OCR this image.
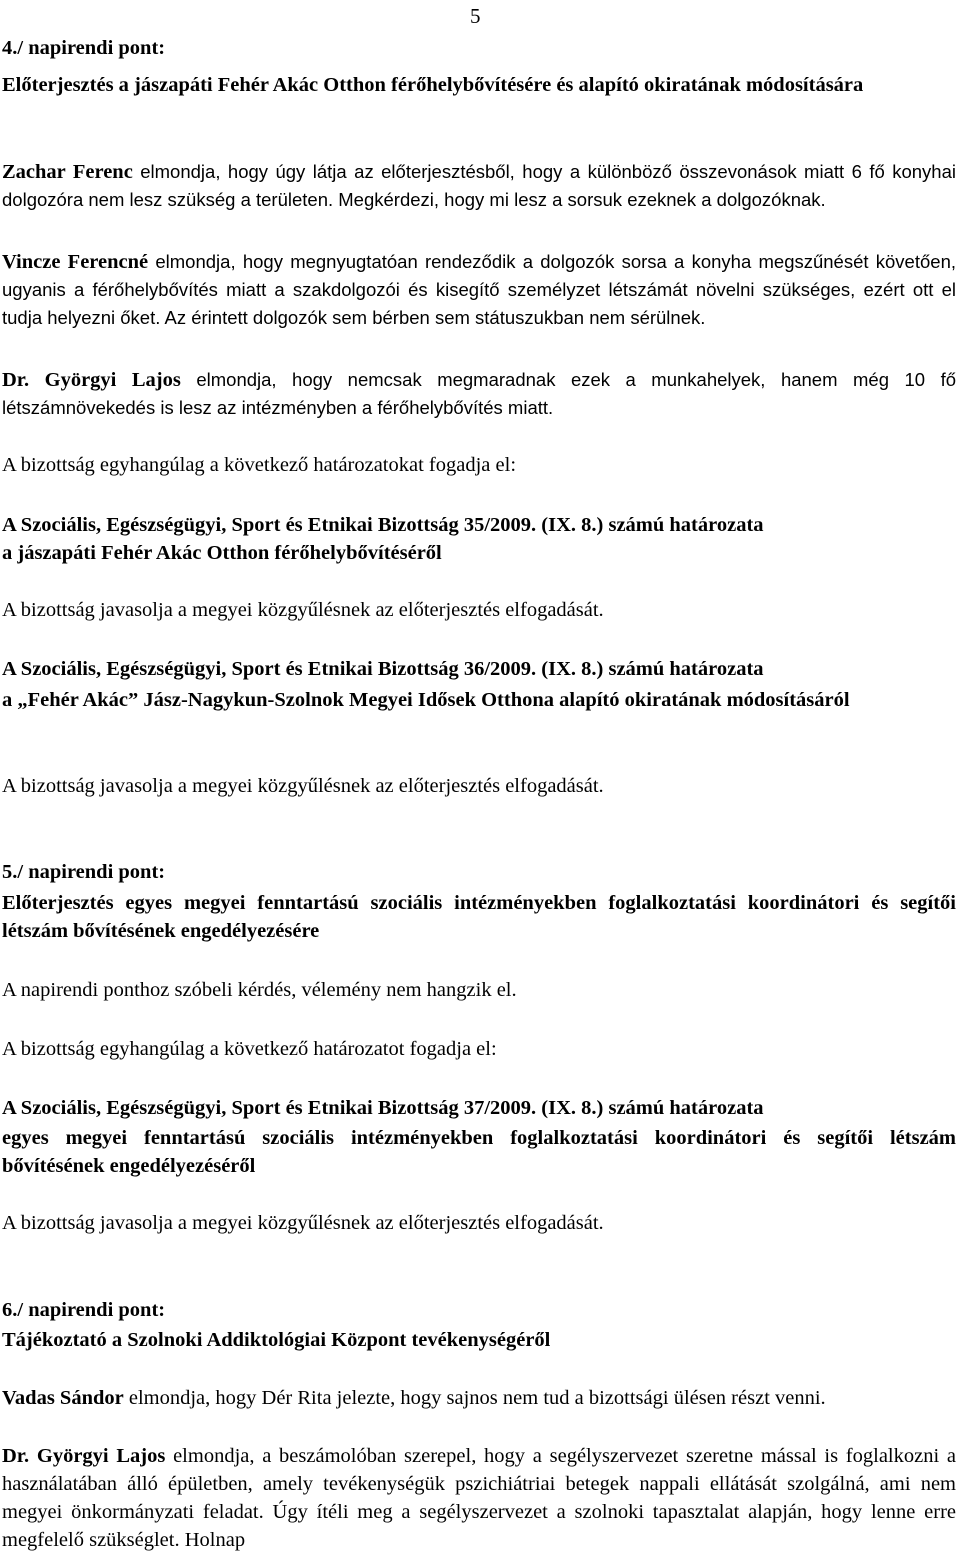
5
4./ napirendi pont:
Előterjesztés a jászapáti Fehér Akác Otthon férőhelybővítésére és alapító okiratának módosítására

Zachar Ferenc elmondja, hogy úgy látja az előterjesztésből, hogy a különböző összevonások miatt 6 fő konyhai dolgozóra nem lesz szükség a területen. Megkérdezi, hogy mi lesz a sorsuk ezeknek a dolgozóknak.

Vincze Ferencné elmondja, hogy megnyugtatóan rendeződik a dolgozók sorsa a konyha megszűnését követően, ugyanis a férőhelybővítés miatt a szakdolgozói és kisegítő személyzet létszámát növelni szükséges, ezért ott el tudja helyezni őket. Az érintett dolgozók sem bérben sem státuszukban nem sérülnek.

Dr. Györgyi Lajos elmondja, hogy nemcsak megmaradnak ezek a munkahelyek, hanem még 10 fő létszámnövekedés is lesz az intézményben a férőhelybővítés miatt.

A bizottság egyhangúlag a következő határozatokat fogadja el:
A Szociális, Egészségügyi, Sport és Etnikai Bizottság 35/2009. (IX. 8.) számú határozata
a jászapáti Fehér Akác Otthon férőhelybővítéséről
A bizottság javasolja a megyei közgyűlésnek az előterjesztés elfogadását.
A Szociális, Egészségügyi, Sport és Etnikai Bizottság 36/2009. (IX. 8.) számú határozata
a „Fehér Akác” Jász-Nagykun-Szolnok Megyei Idősek Otthona alapító okiratának módosításáról
A bizottság javasolja a megyei közgyűlésnek az előterjesztés elfogadását.
5./ napirendi pont:
Előterjesztés egyes megyei fenntartású szociális intézményekben foglalkoztatási koordinátori és segítői létszám bővítésének engedélyezésére
A napirendi ponthoz szóbeli kérdés, vélemény nem hangzik el.
A bizottság egyhangúlag a következő határozatot fogadja el:
A Szociális, Egészségügyi, Sport és Etnikai Bizottság 37/2009. (IX. 8.) számú határozata
egyes megyei fenntartású szociális intézményekben foglalkoztatási koordinátori és segítői létszám bővítésének engedélyezéséről
A bizottság javasolja a megyei közgyűlésnek az előterjesztés elfogadását.
6./ napirendi pont:
Tájékoztató a Szolnoki Addiktológiai Központ tevékenységéről

Vadas Sándor elmondja, hogy Dér Rita jelezte, hogy sajnos nem tud a bizottsági ülésen részt venni.

Dr. Györgyi Lajos elmondja, a beszámolóban szerepel, hogy a segélyszervezet szeretne mással is foglalkozni a használatában álló épületben, amely tevékenységük pszichiátriai betegek nappali ellátását szolgálná, ami nem megyei önkormányzati feladat. Úgy ítéli meg a segélyszervezet a szolnoki tapasztalat alapján, hogy lenne erre megfelelő szükséglet. Holnap
